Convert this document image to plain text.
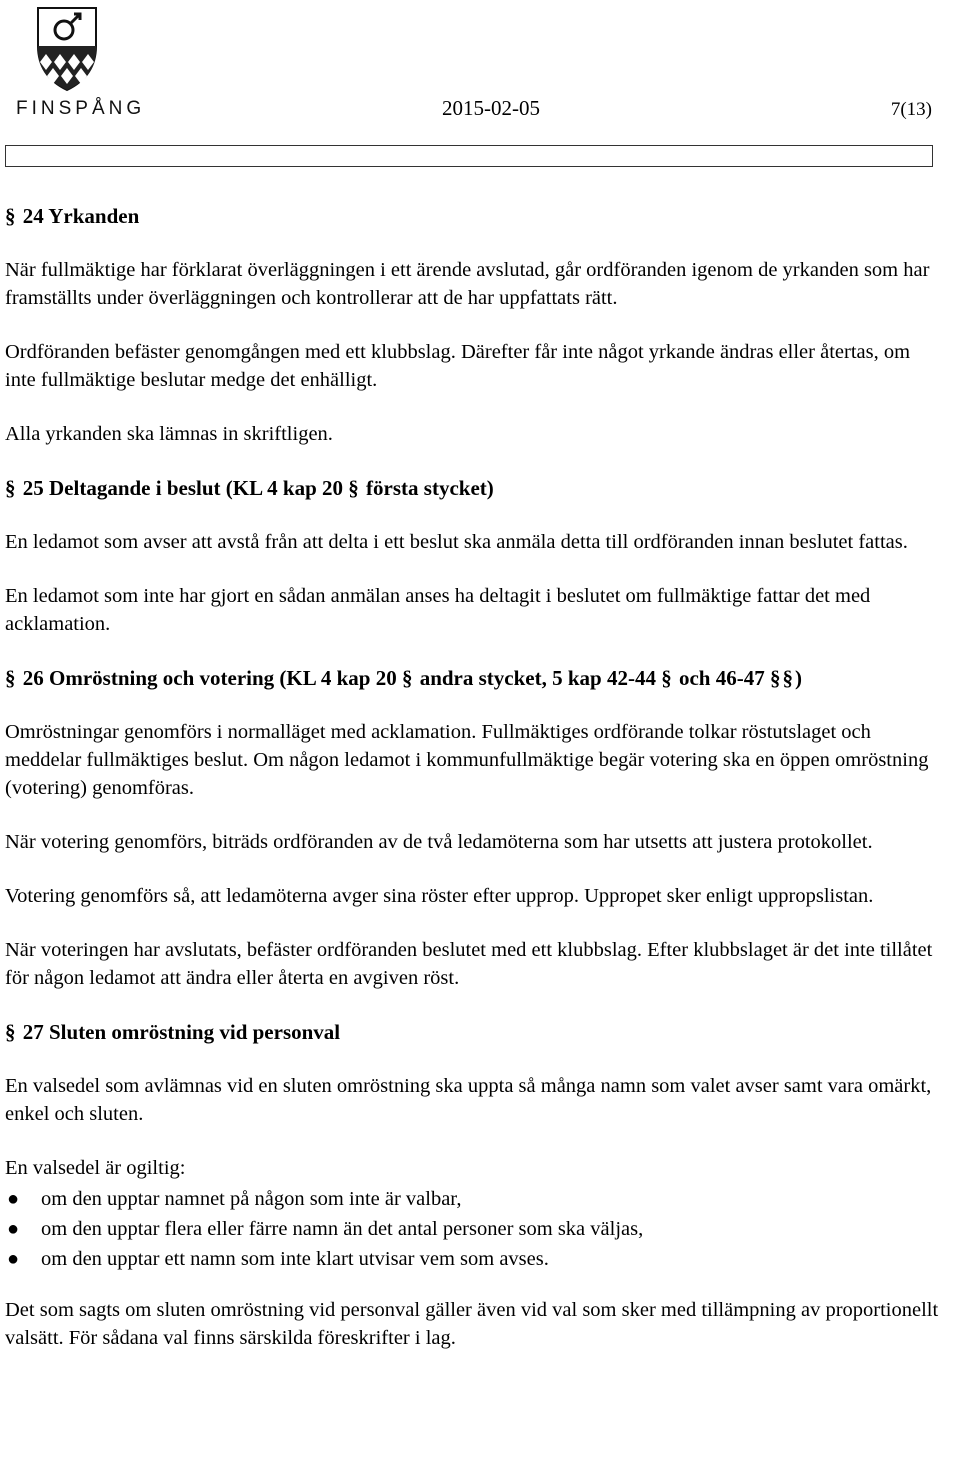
FINSPÅNG	2015-02-05	7(13)
§ 24 Yrkanden

När fullmäktige har förklarat överläggningen i ett ärende avslutad, går ordföranden igenom de yrkanden som har framställts under överläggningen och kontrollerar att de har uppfattats rätt.

Ordföranden befäster genomgången med ett klubbslag. Därefter får inte något yrkande ändras eller återtas, om inte fullmäktige beslutar medge det enhälligt.

Alla yrkanden ska lämnas in skriftligen.

§ 25 Deltagande i beslut (KL 4 kap 20 § första stycket)

En ledamot som avser att avstå från att delta i ett beslut ska anmäla detta till ordföranden innan beslutet fattas.

En ledamot som inte har gjort en sådan anmälan anses ha deltagit i beslutet om fullmäktige fattar det med acklamation.

§ 26 Omröstning och votering (KL 4 kap 20 § andra stycket, 5 kap 42-44 § och 46-47 §§)

Omröstningar genomförs i normalläget med acklamation. Fullmäktiges ordförande tolkar röstutslaget och meddelar fullmäktiges beslut. Om någon ledamot i kommunfullmäktige begär votering ska en öppen omröstning (votering) genomföras.

När votering genomförs, biträds ordföranden av de två ledamöterna som har utsetts att justera protokollet.

Votering genomförs så, att ledamöterna avger sina röster efter upprop. Uppropet sker enligt uppropslistan.

När voteringen har avslutats, befäster ordföranden beslutet med ett klubbslag. Efter klubbslaget är det inte tillåtet för någon ledamot att ändra eller återta en avgiven röst.

§ 27 Sluten omröstning vid personval

En valsedel som avlämnas vid en sluten omröstning ska uppta så många namn som valet avser samt vara omärkt, enkel och sluten.

En valsedel är ogiltig:

● om den upptar namnet på någon som inte är valbar,
● om den upptar flera eller färre namn än det antal personer som ska väljas,
● om den upptar ett namn som inte klart utvisar vem som avses.

Det som sagts om sluten omröstning vid personval gäller även vid val som sker med tillämpning av proportionellt valsätt. För sådana val finns särskilda föreskrifter i lag.
